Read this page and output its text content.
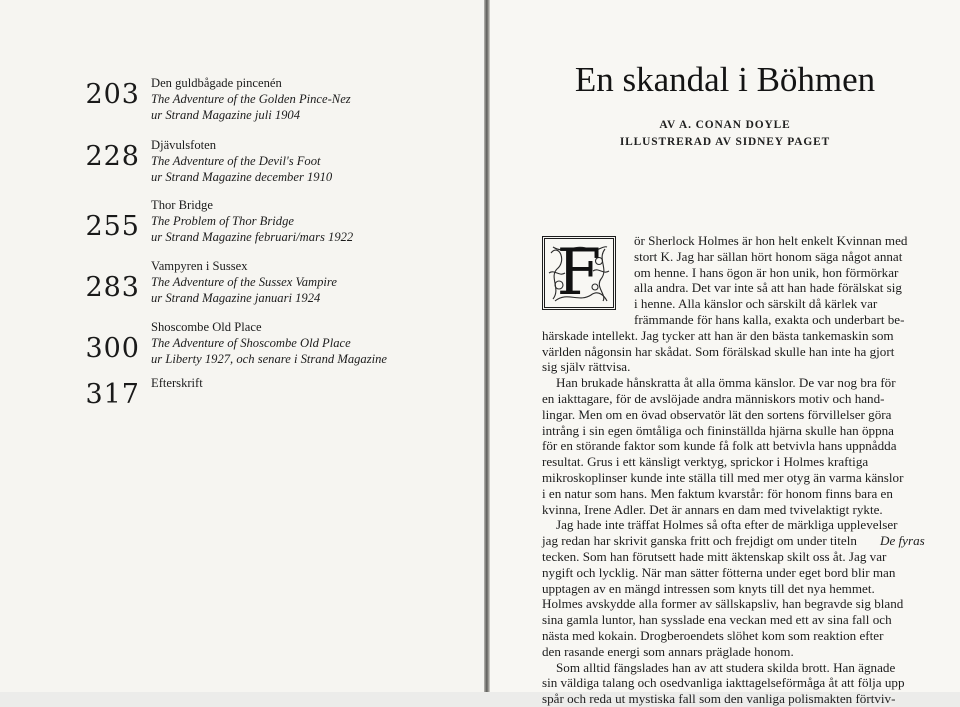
203 Den guldbågade pincenén
The Adventure of the Golden Pince-Nez
ur Strand Magazine juli 1904
228 Djävulsfoten
The Adventure of the Devil's Foot
ur Strand Magazine december 1910
255
Thor Bridge
The Problem of Thor Bridge
ur Strand Magazine februari/mars 1922
283
Vampyren i Sussex
The Adventure of the Sussex Vampire
ur Strand Magazine januari 1924
300
Shoscombe Old Place
The Adventure of Shoscombe Old Place
ur Liberty 1927, och senare i Strand Magazine
317 Efterskrift
En skandal i Böhmen
AV A. CONAN DOYLE
ILLUSTRERAD AV SIDNEY PAGET
F	ör Sherlock Holmes är hon helt enkelt Kvinnan med
stort K. Jag har sällan hört honom säga något annat
om henne. I hans ögon är hon unik, hon förmörkar
alla andra. Det var inte så att han hade förälskat sig
i henne. Alla känslor och särskilt då kärlek var
främmande för hans kalla, exakta och underbart be-
härskade intellekt. Jag tycker att han är den bästa tankemaskin som
världen någonsin har skådat. Som förälskad skulle han inte ha gjort
sig själv rättvisa.
Han brukade hånskratta åt alla ömma känslor. De var nog bra för
en iakttagare, för de avslöjade andra människors motiv och hand-
lingar. Men om en övad observatör lät den sortens förvillelser göra
intrång i sin egen ömtåliga och fininställda hjärna skulle han öppna
för en störande faktor som kunde få folk att betvivla hans uppnådda
resultat. Grus i ett känsligt verktyg, sprickor i Holmes kraftiga
mikroskoplinser kunde inte ställa till med mer otyg än varma känslor
i en natur som hans. Men faktum kvarstår: för honom finns bara en
kvinna, Irene Adler. Det är annars en dam med tvivelaktigt rykte.
Jag hade inte träffat Holmes så ofta efter de märkliga upplevelser
jag redan har skrivit ganska fritt och frejdigt om under titeln	De fyras
tecken. Som han förutsett hade mitt äktenskap skilt oss åt. Jag var
nygift och lycklig. När man sätter fötterna under eget bord blir man
upptagen av en mängd intressen som knyts till det nya hemmet.
Holmes avskydde alla former av sällskapsliv, han begravde sig bland
sina gamla luntor, han sysslade ena veckan med ett av sina fall och
nästa med kokain. Drogberoendets slöhet kom som reaktion efter
den rasande energi som annars präglade honom.
Som alltid fängslades han av att studera skilda brott. Han ägnade
sin väldiga talang och osedvanliga iakttagelseförmåga åt att följa upp
spår och reda ut mystiska fall som den vanliga polismakten förtviv-
